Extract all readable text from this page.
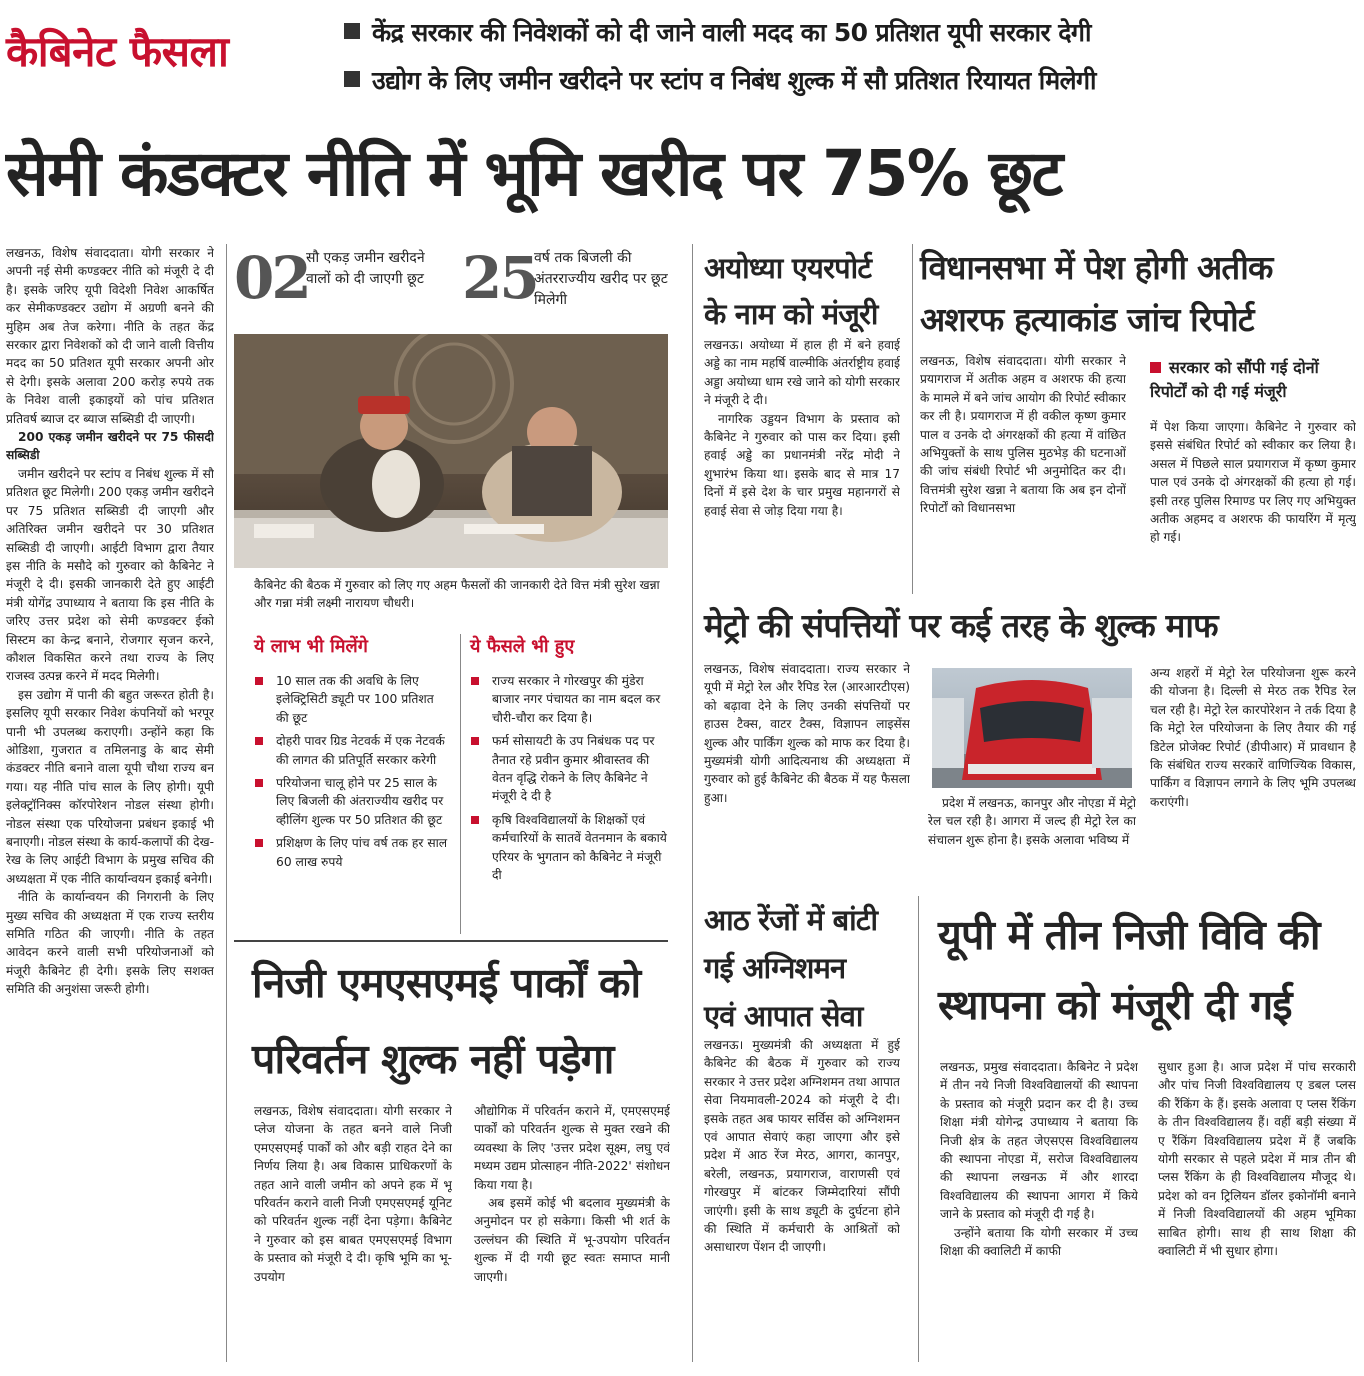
कैबिनेट फैसला	केंद्र सरकार की निवेशकों को दी जाने वाली मदद का 50 प्रतिशत यूपी सरकार देगी
उद्योग के लिए जमीन खरीदने पर स्टांप व निबंध शुल्क में सौ प्रतिशत रियायत मिलेगी
सेमी कंडक्टर नीति में भूमि खरीद पर 75% छूट

लखनऊ, विशेष संवाददाता। योगी सरकार ने अपनी नई सेमी कण्डक्टर नीति को मंजूरी दे दी है। इसके जरिए यूपी विदेशी निवेश आकर्षित कर सेमीकण्डक्टर उद्योग में अग्रणी बनने की मुहिम अब तेज करेगा। नीति के तहत केंद्र सरकार द्वारा निवेशकों को दी जाने वाली वित्तीय मदद का 50 प्रतिशत यूपी सरकार अपनी ओर से देगी। इसके अलावा 200 करोड़ रुपये तक के निवेश वाली इकाइयों को पांच प्रतिशत प्रतिवर्ष ब्याज दर ब्याज सब्सिडी दी जाएगी।

200 एकड़ जमीन खरीदने पर 75 फीसदी सब्सिडी

जमीन खरीदने पर स्टांप व निबंध शुल्क में सौ प्रतिशत छूट मिलेगी। 200 एकड़ जमीन खरीदने पर 75 प्रतिशत सब्सिडी दी जाएगी और अतिरिक्त जमीन खरीदने पर 30 प्रतिशत सब्सिडी दी जाएगी। आईटी विभाग द्वारा तैयार इस नीति के मसौदे को गुरुवार को कैबिनेट ने मंजूरी दे दी। इसकी जानकारी देते हुए आईटी मंत्री योगेंद्र उपाध्याय ने बताया कि इस नीति के जरिए उत्तर प्रदेश को सेमी कण्डक्टर ईको सिस्टम का केन्द्र बनाने, रोजगार सृजन करने, कौशल विकसित करने तथा राज्य के लिए राजस्व उत्पन्न करने में मदद मिलेगी।

इस उद्योग में पानी की बहुत जरूरत होती है। इसलिए यूपी सरकार निवेश कंपनियों को भरपूर पानी भी उपलब्ध कराएगी। उन्होंने कहा कि ओडिशा, गुजरात व तमिलनाडु के बाद सेमी कंडक्टर नीति बनाने वाला यूपी चौथा राज्य बन गया। यह नीति पांच साल के लिए होगी। यूपी इलेक्ट्रॉनिक्स कॉरपोरेशन नोडल संस्था होगी। नोडल संस्था एक परियोजना प्रबंधन इकाई भी बनाएगी। नोडल संस्था के कार्य-कलापों की देख-रेख के लिए आईटी विभाग के प्रमुख सचिव की अध्यक्षता में एक नीति कार्यान्वयन इकाई बनेगी।

नीति के कार्यान्वयन की निगरानी के लिए मुख्य सचिव की अध्यक्षता में एक राज्य स्तरीय समिति गठित की जाएगी। नीति के तहत आवेदन करने वाली सभी परियोजनाओं को मंजूरी कैबिनेट ही देगी। इसके लिए सशक्त समिति की अनुशंसा जरूरी होगी।

02
सौ एकड़ जमीन खरीदने वालों को दी जाएगी छूट 25
वर्ष तक बिजली की अंतरराज्यीय खरीद पर छूट मिलेगी
कैबिनेट की बैठक में गुरुवार को लिए गए अहम फैसलों की जानकारी देते वित्त मंत्री सुरेश खन्ना और गन्ना मंत्री लक्ष्मी नारायण चौधरी।
ये लाभ भी मिलेंगे
10 साल तक की अवधि के लिए इलेक्ट्रिसिटी ड्यूटी पर 100 प्रतिशत की छूट
दोहरी पावर ग्रिड नेटवर्क में एक नेटवर्क की लागत की प्रतिपूर्ति सरकार करेगी
परियोजना चालू होने पर 25 साल के लिए बिजली की अंतराज्यीय खरीद पर व्हीलिंग शुल्क पर 50 प्रतिशत की छूट
प्रशिक्षण के लिए पांच वर्ष तक हर साल 60 लाख रुपये
ये फैसले भी हुए
राज्य सरकार ने गोरखपुर की मुंडेरा बाजार नगर पंचायत का नाम बदल कर चौरी-चौरा कर दिया है।
फर्म सोसायटी के उप निबंधक पद पर तैनात रहे प्रवीन कुमार श्रीवास्तव की वेतन वृद्धि रोकने के लिए कैबिनेट ने मंजूरी दे दी है
कृषि विश्वविद्यालयों के शिक्षकों एवं कर्मचारियों के सातवें वेतनमान के बकाये एरियर के भुगतान को कैबिनेट ने मंजूरी दी
निजी एमएसएमई पार्कों को
परिवर्तन शुल्क नहीं पड़ेगा

लखनऊ, विशेष संवाददाता। योगी सरकार ने प्लेज योजना के तहत बनने वाले निजी एमएसएमई पार्कों को और बड़ी राहत देने का निर्णय लिया है। अब विकास प्राधिकरणों के तहत आने वाली जमीन को अपने हक में भू परिवर्तन कराने वाली निजी एमएसएमई यूनिट को परिवर्तन शुल्क नहीं देना पड़ेगा। कैबिनेट ने गुरुवार को इस बाबत एमएसएमई विभाग के प्रस्ताव को मंजूरी दे दी। कृषि भूमि का भू-उपयोग

औद्योगिक में परिवर्तन कराने में, एमएसएमई पार्कों को परिवर्तन शुल्क से मुक्त रखने की व्यवस्था के लिए 'उत्तर प्रदेश सूक्ष्म, लघु एवं मध्यम उद्यम प्रोत्साहन नीति-2022' संशोधन किया गया है।

अब इसमें कोई भी बदलाव मुख्यमंत्री के अनुमोदन पर हो सकेगा। किसी भी शर्त के उल्लंघन की स्थिति में भू-उपयोग परिवर्तन शुल्क में दी गयी छूट स्वतः समाप्त मानी जाएगी।

अयोध्या एयरपोर्ट
के नाम को मंजूरी

लखनऊ। अयोध्या में हाल ही में बने हवाई अड्डे का नाम महर्षि वाल्मीकि अंतर्राष्ट्रीय हवाई अड्डा अयोध्या धाम रखे जाने को योगी सरकार ने मंजूरी दे दी।

नागरिक उड्डयन विभाग के प्रस्ताव को कैबिनेट ने गुरुवार को पास कर दिया। इसी हवाई अड्डे का प्रधानमंत्री नरेंद्र मोदी ने शुभारंभ किया था। इसके बाद से मात्र 17 दिनों में इसे देश के चार प्रमुख महानगरों से हवाई सेवा से जोड़ दिया गया है।

विधानसभा में पेश होगी अतीक
अशरफ हत्याकांड जांच रिपोर्ट

लखनऊ, विशेष संवाददाता। योगी सरकार ने प्रयागराज में अतीक अहम व अशरफ की हत्या के मामले में बने जांच आयोग की रिपोर्ट स्वीकार कर ली है। प्रयागराज में ही वकील कृष्ण कुमार पाल व उनके दो अंगरक्षकों की हत्या में वांछित अभियुक्तों के साथ पुलिस मुठभेड़ की घटनाओं की जांच संबंधी रिपोर्ट भी अनुमोदित कर दी। वित्तमंत्री सुरेश खन्ना ने बताया कि अब इन दोनों रिपोर्टों को विधानसभा

सरकार को सौंपी गई दोनों रिपोर्टों को दी गई मंजूरी

में पेश किया जाएगा। कैबिनेट ने गुरुवार को इससे संबंधित रिपोर्ट को स्वीकार कर लिया है। असल में पिछले साल प्रयागराज में कृष्ण कुमार पाल एवं उनके दो अंगरक्षकों की हत्या हो गई। इसी तरह पुलिस रिमाण्ड पर लिए गए अभियुक्त अतीक अहमद व अशरफ की फायरिंग में मृत्यु हो गई।

मेट्रो की संपत्तियों पर कई तरह के शुल्क माफ

लखनऊ, विशेष संवाददाता। राज्य सरकार ने यूपी में मेट्रो रेल और रैपिड रेल (आरआरटीएस) को बढ़ावा देने के लिए उनकी संपत्तियों पर हाउस टैक्स, वाटर टैक्स, विज्ञापन लाइसेंस शुल्क और पार्किंग शुल्क को माफ कर दिया है। मुख्यमंत्री योगी आदित्यनाथ की अध्यक्षता में गुरुवार को हुई कैबिनेट की बैठक में यह फैसला हुआ।	प्रदेश में लखनऊ, कानपुर और नोएडा में मेट्रो रेल चल रही है। आगरा में जल्द ही मेट्रो रेल का संचालन शुरू होना है। इसके अलावा भविष्य में

अन्य शहरों में मेट्रो रेल परियोजना शुरू करने की योजना है। दिल्ली से मेरठ तक रैपिड रेल चल रही है। मेट्रो रेल कारपोरेशन ने तर्क दिया है कि मेट्रो रेल परियोजना के लिए तैयार की गई डिटेल प्रोजेक्ट रिपोर्ट (डीपीआर) में प्रावधान है कि संबंधित राज्य सरकारें वाणिज्यिक विकास, पार्किंग व विज्ञापन लगाने के लिए भूमि उपलब्ध कराएंगी।

आठ रेंजों में बांटी
गई अग्निशमन
एवं आपात सेवा

लखनऊ। मुख्यमंत्री की अध्यक्षता में हुई कैबिनेट की बैठक में गुरुवार को राज्य सरकार ने उत्तर प्रदेश अग्निशमन तथा आपात सेवा नियमावली-2024 को मंजूरी दे दी। इसके तहत अब फायर सर्विस को अग्निशमन एवं आपात सेवाएं कहा जाएगा और इसे प्रदेश में आठ रेंज मेरठ, आगरा, कानपुर, बरेली, लखनऊ, प्रयागराज, वाराणसी एवं गोरखपुर में बांटकर जिम्मेदारियां सौंपी जाएंगी। इसी के साथ ड्यूटी के दुर्घटना होने की स्थिति में कर्मचारी के आश्रितों को असाधारण पेंशन दी जाएगी।

यूपी में तीन निजी विवि की
स्थापना को मंजूरी दी गई

लखनऊ, प्रमुख संवाददाता। कैबिनेट ने प्रदेश में तीन नये निजी विश्वविद्यालयों की स्थापना के प्रस्ताव को मंजूरी प्रदान कर दी है। उच्च शिक्षा मंत्री योगेन्द्र उपाध्याय ने बताया कि निजी क्षेत्र के तहत जेएसएस विश्वविद्यालय की स्थापना नोएडा में, सरोज विश्वविद्यालय की स्थापना लखनऊ में और शारदा विश्वविद्यालय की स्थापना आगरा में किये जाने के प्रस्ताव को मंजूरी दी गई है।

उन्होंने बताया कि योगी सरकार में उच्च शिक्षा की क्वालिटी में काफी

सुधार हुआ है। आज प्रदेश में पांच सरकारी और पांच निजी विश्वविद्यालय ए डबल प्लस की रैंकिंग के हैं। इसके अलावा ए प्लस रैंकिंग के तीन विश्वविद्यालय हैं। वहीं बड़ी संख्या में ए रैंकिंग विश्वविद्यालय प्रदेश में हैं जबकि योगी सरकार से पहले प्रदेश में मात्र तीन बी प्लस रैंकिंग के ही विश्वविद्यालय मौजूद थे। प्रदेश को वन ट्रिलियन डॉलर इकोनॉमी बनाने में निजी विश्वविद्यालयों की अहम भूमिका साबित होगी। साथ ही साथ शिक्षा की क्वालिटी में भी सुधार होगा।
